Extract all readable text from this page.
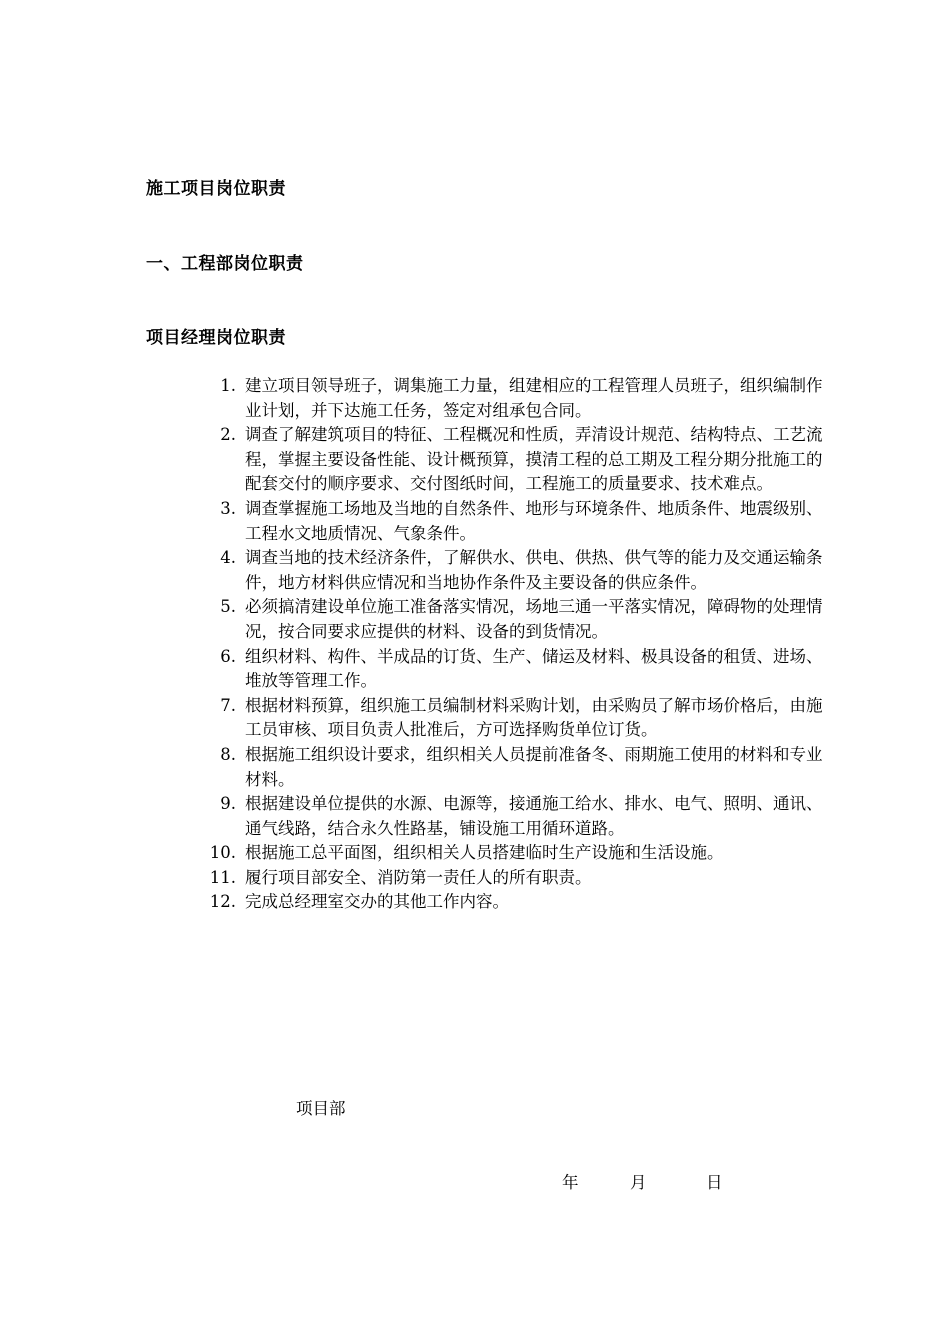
施工项目岗位职责
一、工程部岗位职责
项目经理岗位职责
1. 建立项目领导班子，调集施工力量，组建相应的工程管理人员班子，组织编制作业计划，并下达施工任务，签定对组承包合同。
2. 调查了解建筑项目的特征、工程概况和性质，弄清设计规范、结构特点、工艺流程，掌握主要设备性能、设计概预算，摸清工程的总工期及工程分期分批施工的配套交付的顺序要求、交付图纸时间，工程施工的质量要求、技术难点。
3. 调查掌握施工场地及当地的自然条件、地形与环境条件、地质条件、地震级别、工程水文地质情况、气象条件。
4. 调查当地的技术经济条件，了解供水、供电、供热、供气等的能力及交通运输条件，地方材料供应情况和当地协作条件及主要设备的供应条件。
5. 必须搞清建设单位施工准备落实情况，场地三通一平落实情况，障碍物的处理情况，按合同要求应提供的材料、设备的到货情况。
6. 组织材料、构件、半成品的订货、生产、储运及材料、极具设备的租赁、进场、堆放等管理工作。
7. 根据材料预算，组织施工员编制材料采购计划，由采购员了解市场价格后，由施工员审核、项目负责人批准后，方可选择购货单位订货。
8. 根据施工组织设计要求，组织相关人员提前准备冬、雨期施工使用的材料和专业材料。
9. 根据建设单位提供的水源、电源等，接通施工给水、排水、电气、照明、通讯、通气线路，结合永久性路基，铺设施工用循环道路。
10. 根据施工总平面图，组织相关人员搭建临时生产设施和生活设施。
11. 履行项目部安全、消防第一责任人的所有职责。
12. 完成总经理室交办的其他工作内容。
项目部
年	月	日
